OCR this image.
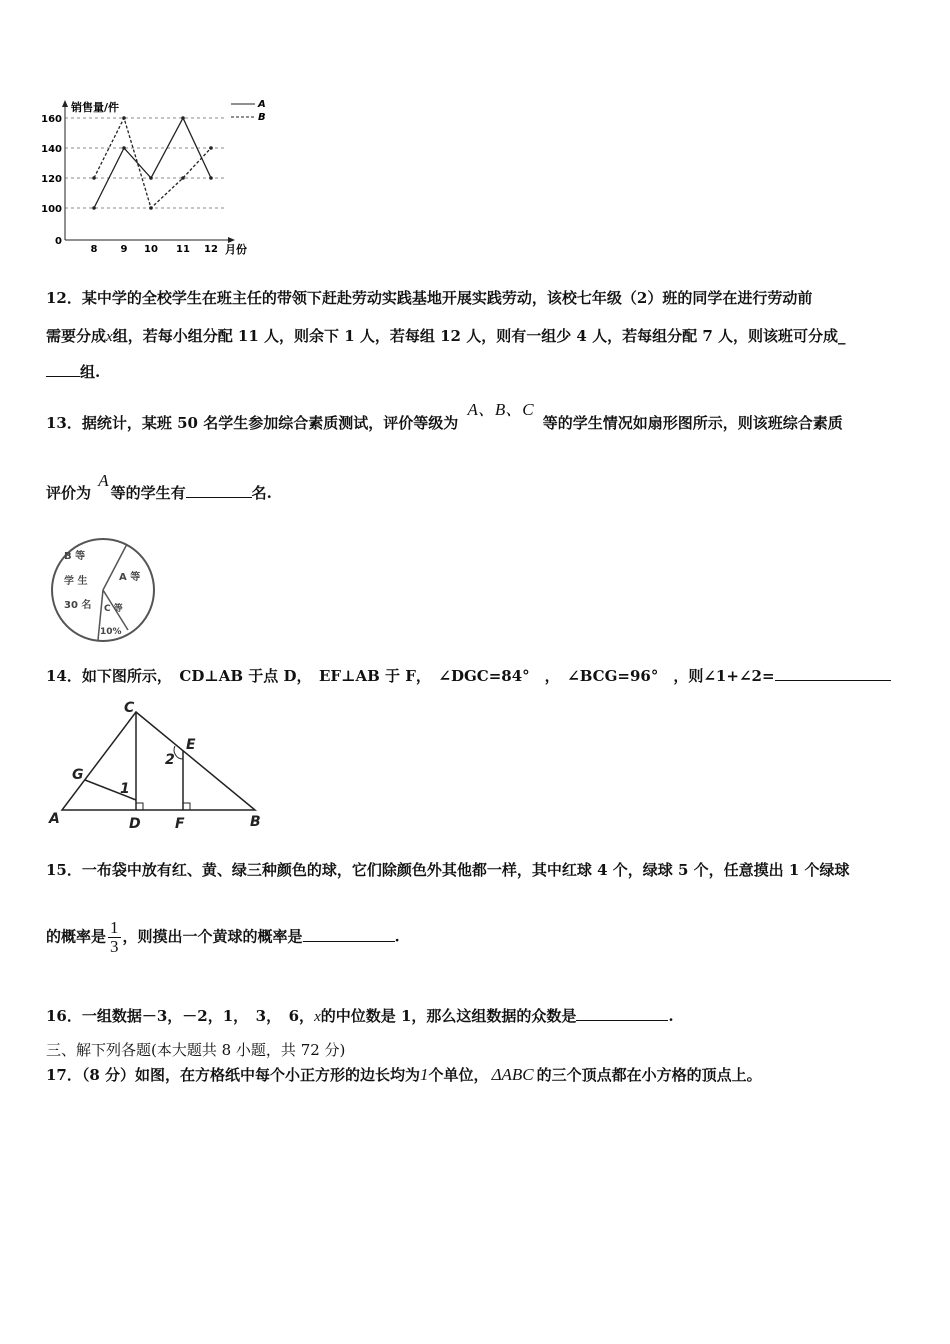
0
100
120
140
160
8 9 10 11 12
销售量/件
月份
A
B
12．某中学的全校学生在班主任的带领下赶赴劳动实践基地开展实践劳动，该校七年级（2）班的同学在进行劳动前
需要分成x组，若每小组分配 11 人，则余下 1 人，若每组 12 人，则有一组少 4 人，若每组分配 7 人，则该班可分成_
组.
13．据统计，某班 50 名学生参加综合素质测试，评价等级为 A、B、C 等的学生情况如扇形图所示，则该班综合素质
评价为 A等的学生有	名.
B 等
学 生
30 名
A 等
C 等
10%
14．如下图所示，　CD⊥AB 于点 D，　EF⊥AB 于 F，　∠DGC=84°　，　∠BCG=96°　，则∠1+∠2=
C
E
G
2
1
A	D F	B
15．一布袋中放有红、黄、绿三种颜色的球，它们除颜色外其他都一样，其中红球 4 个，绿球 5 个，任意摸出 1 个绿球
的概率是 $\frac{1}{3}$ ，则摸出一个黄球的概率是	.
16．一组数据－3，－2，1，　3，　6，x的中位数是 1，那么这组数据的众数是	.
三、解下列各题(本大题共 8 小题，共 72 分)
17．（8 分）如图，在方格纸中每个小正方形的边长均为1个单位， ΔABC 的三个顶点都在小方格的顶点上。
